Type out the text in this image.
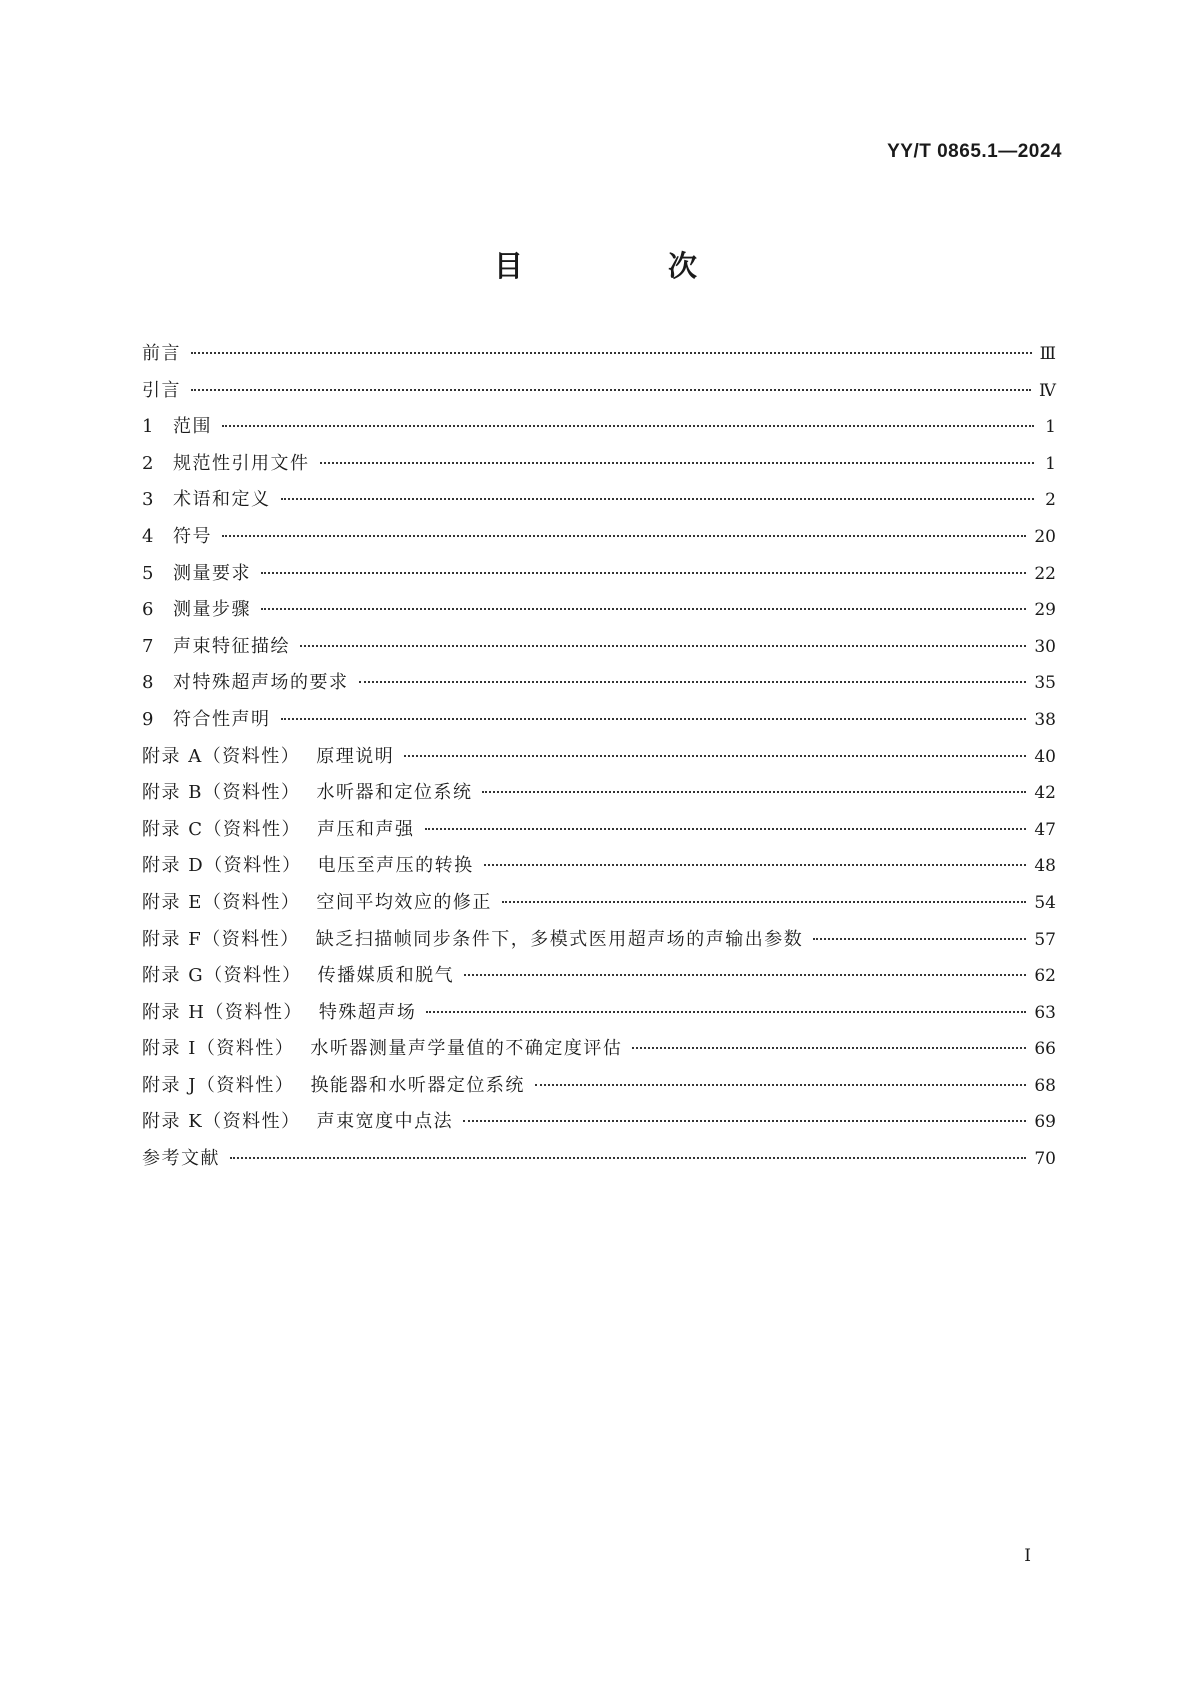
YY/T 0865.1—2024
目　次
前言	Ⅲ
引言	Ⅳ
1	范围	1
2	规范性引用文件	1
3	术语和定义	2
4	符号	20
5	测量要求	22
6	测量步骤	29
7	声束特征描绘	30
8	对特殊超声场的要求	35
9	符合性声明	38
附录 A（资料性） 原理说明	40
附录 B（资料性） 水听器和定位系统	42
附录 C（资料性） 声压和声强	47
附录 D（资料性） 电压至声压的转换	48
附录 E（资料性） 空间平均效应的修正	54
附录 F（资料性） 缺乏扫描帧同步条件下，多模式医用超声场的声输出参数	57
附录 G（资料性） 传播媒质和脱气	62
附录 H（资料性） 特殊超声场	63
附录 I（资料性） 水听器测量声学量值的不确定度评估	66
附录 J（资料性） 换能器和水听器定位系统	68
附录 K（资料性） 声束宽度中点法	69
参考文献	70
I
